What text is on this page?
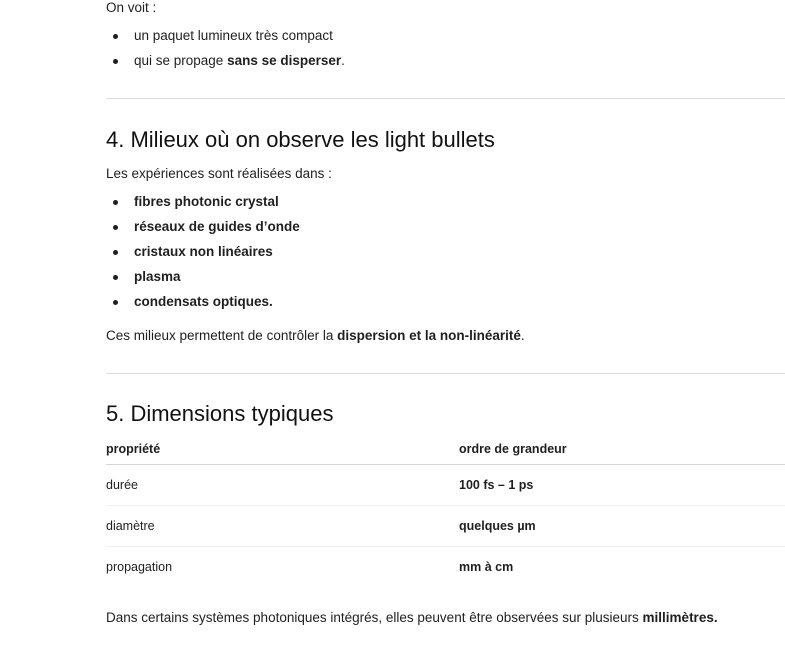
On voit :

un paquet lumineux très compact
qui se propage sans se disperser.
4. Milieux où on observe les light bullets

Les expériences sont réalisées dans :

fibres photonic crystal
réseaux de guides d’onde
cristaux non linéaires
plasma
condensats optiques.

Ces milieux permettent de contrôler la dispersion et la non-linéarité.

5. Dimensions typiques
propriété	ordre de grandeur
durée	100 fs – 1 ps
diamètre	quelques µm
propagation	mm à cm

Dans certains systèmes photoniques intégrés, elles peuvent être observées sur plusieurs millimètres.
